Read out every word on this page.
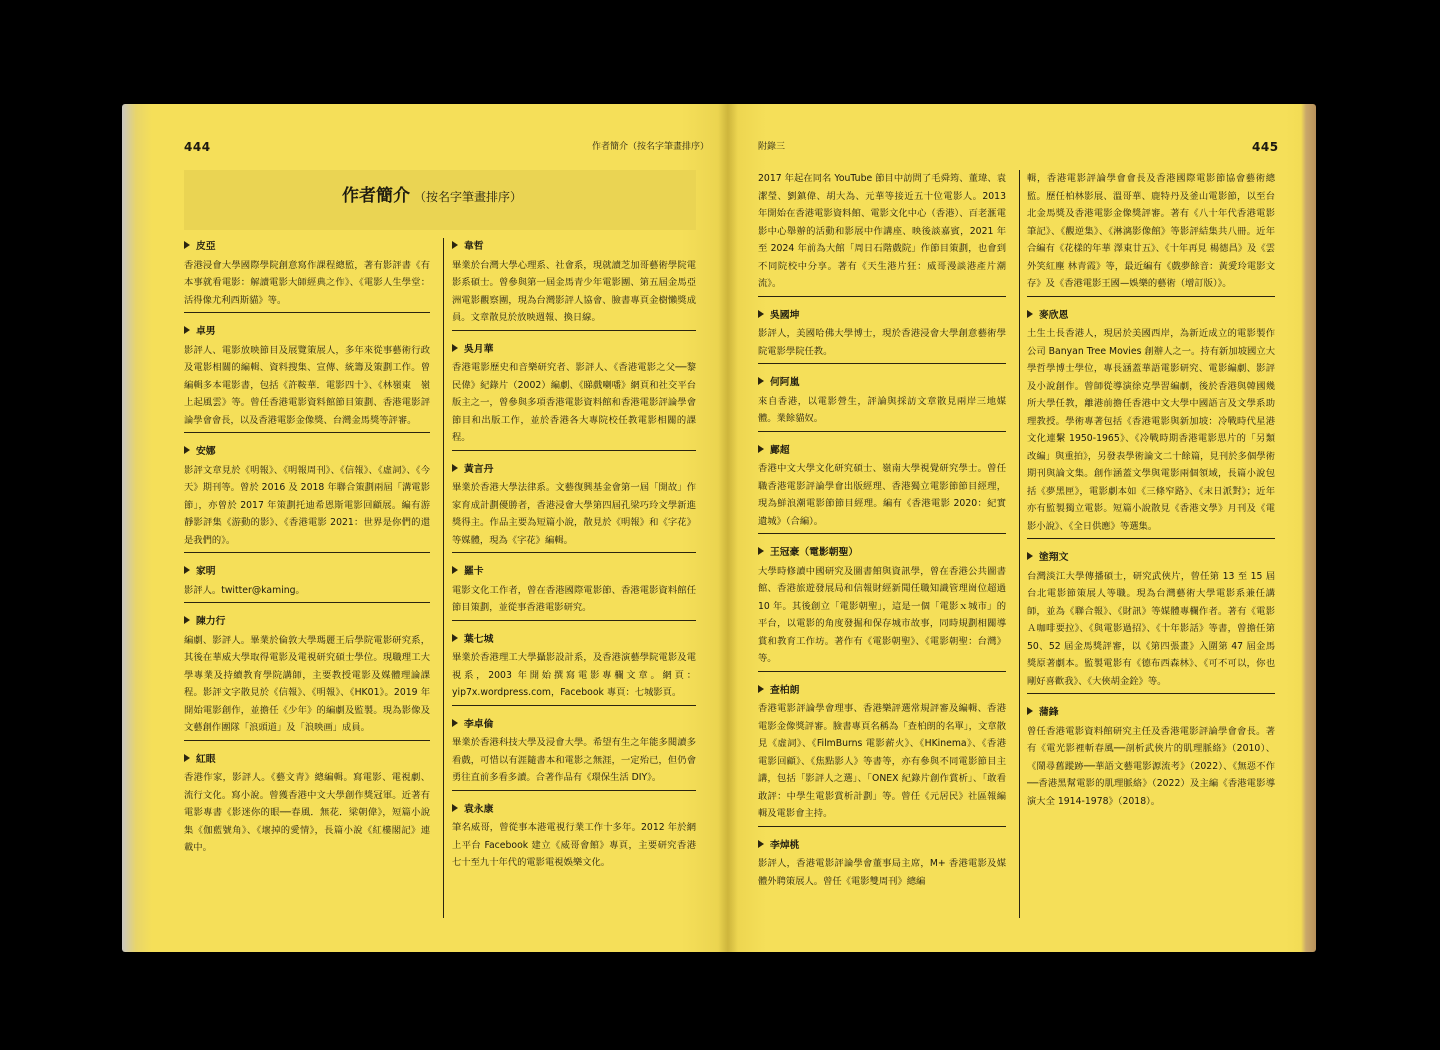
444	作者簡介（按名字筆畫排序）
作者簡介 （按名字筆畫排序）
皮亞
香港浸會大學國際學院創意寫作課程總監，著有影評書《有本事就看電影：解讀電影大師經典之作》、《電影人生學堂：活得像尤利西斯貓》等。
卓男
影評人、電影放映節目及展覽策展人，多年來從事藝術行政及電影相關的編輯、資料搜集、宣傳、統籌及策劃工作。曾編輯多本電影書，包括《許鞍華．電影四十》、《林嶺東　嶺上起風雲》等。曾任香港電影資料館節目策劃、香港電影評論學會會長，以及香港電影金像獎、台灣金馬獎等評審。
安娜
影評文章見於《明報》、《明報周刊》、《信報》、《虛詞》、《今天》期刊等。曾於 2016 及 2018 年聯合策劃兩屆「溝電影節」，亦曾於 2017 年策劃托迪希恩斯電影回顧展。編有游靜影評集《游動的影》、《香港電影 2021：世界是你們的還是我們的》。
家明
影評人。twitter@kaming。
陳力行
編劇、影評人。畢業於倫敦大學瑪麗王后學院電影研究系，其後在華威大學取得電影及電視研究碩士學位。現職理工大學專業及持續教育學院講師，主要教授電影及媒體理論課程。影評文字散見於《信報》、《明報》、《HK01》。2019 年開始電影創作，並擔任《少年》的編劇及監製。現為影像及文藝創作團隊「浪頭道」及「浪映画」成員。
紅眼
香港作家，影評人。《藝文青》總編輯。寫電影、電視劇、流行文化。寫小說。曾獲香港中文大學創作獎冠軍。近著有電影專書《影迷你的眼──春風．無花．梁朝偉》，短篇小說集《伽藍號角》、《壞掉的愛情》，長篇小說《紅樓閣記》連載中。
韋哲
畢業於台灣大學心理系、社會系，現就讀芝加哥藝術學院電影系碩士。曾參與第一屆金馬青少年電影團、第五屆金馬亞洲電影觀察團，現為台灣影評人協會、臉書專頁金樹懶獎成員。文章散見於放映週報、換日線。
吳月華
香港電影歷史和音樂研究者、影評人、《香港電影之父──黎民偉》紀錄片（2002）編劇、《睇戲喇噃》網頁和社交平台版主之一，曾參與多項香港電影資料館和香港電影評論學會節目和出版工作，並於香港各大專院校任教電影相關的課程。
黃言丹
畢業於香港大學法律系。文藝復興基金會第一屆「開故」作家育成計劃優勝者，香港浸會大學第四屆孔梁巧玲文學新進獎得主。作品主要為短篇小說，散見於《明報》和《字花》等媒體，現為《字花》編輯。
羅卡
電影文化工作者，曾在香港國際電影節、香港電影資料館任節目策劃，並從事香港電影研究。
葉七城
畢業於香港理工大學攝影設計系，及香港演藝學院電影及電視系，2003 年開始撰寫電影專欄文章。網頁：yip7x.wordpress.com，Facebook 專頁：七城影頁。
李卓倫
畢業於香港科技大學及浸會大學。希望有生之年能多閱讀多看戲，可惜以有涯隨書本和電影之無涯，一定殆已，但仍會勇往直前多看多讀。合著作品有《環保生活 DIY》。
袁永康
筆名威哥，曾從事本港電視行業工作十多年。2012 年於網上平台 Facebook 建立《威哥會館》專頁，主要研究香港七十至九十年代的電影電視娛樂文化。
附錄三	445
2017 年起在同名 YouTube 節目中訪問了毛舜筠、董瑋、袁潔瑩、劉鎮偉、胡大為、元華等接近五十位電影人。2013 年開始在香港電影資料館、電影文化中心（香港）、百老滙電影中心舉辦的活動和影展中作講座、映後談嘉賓，2021 年至 2024 年前為大館「周日石階戲院」作節目策劃，也會到不同院校中分享。著有《天生港片狂：威哥漫談港產片潮流》。
吳國坤
影評人，美國哈佛大學博士，現於香港浸會大學創意藝術學院電影學院任教。
何阿嵐
來自香港，以電影營生，評論與採訪文章散見兩岸三地媒體。業餘貓奴。
鄺超
香港中文大學文化研究碩士、嶺南大學視覺研究學士。曾任職香港電影評論學會出版經理、香港獨立電影節節目經理，現為鮮浪潮電影節節目經理。編有《香港電影 2020：紀實遺城》（合編）。
王冠豪（電影朝聖）
大學時修讀中國研究及圖書館與資訊學，曾在香港公共圖書館、香港旅遊發展局和信報財經新聞任職知識管理崗位超過 10 年。其後創立「電影朝聖」，這是一個「電影ｘ城市」的平台，以電影的角度發掘和保存城市故事，同時規劃相關導賞和教育工作坊。著作有《電影朝聖》、《電影朝聖：台灣》等。
查柏朗
香港電影評論學會理事、香港樂評選常規評審及編輯、香港電影金像獎評審。臉書專頁名稱為「查柏朗的名單」，文章散見《虛詞》、《FilmBurns 電影薪火》、《HKinema》、《香港電影回顧》、《焦點影人》等書等，亦有參與不同電影節目主講，包括「影評人之選」、「ONEX 紀錄片創作賞析」、「敢看敢評：中學生電影賞析計劃」等。曾任《元居民》社區報編輯及電影會主持。
李焯桃
影評人，香港電影評論學會董事局主席，M+ 香港電影及媒體外聘策展人。曾任《電影雙周刊》總編
輯，香港電影評論學會會長及香港國際電影節協會藝術總監。歷任柏林影展、溫哥華、鹿特丹及釜山電影節，以至台北金馬獎及香港電影金像獎評審。著有《八十年代香港電影筆記》、《觀逆集》、《淋漓影像館》等影評結集共八冊。近年合編有《花樣的年華 澤東廿五》、《十年再見 楊德昌》及《雲外笑紅塵 林青霞》等，最近編有《戲夢餘音：黃愛玲電影文存》及《香港電影王國—娛樂的藝術（增訂版）》。
麥欣恩
土生土長香港人，現居於美國西岸，為新近成立的電影製作公司 Banyan Tree Movies 創辦人之一。持有新加坡國立大學哲學博士學位，專長涵蓋華語電影研究、電影編劇、影評及小說創作。曾師從導演徐克學習編劇，後於香港與韓國幾所大學任教，離港前擔任香港中文大學中國語言及文學系助理教授。學術專著包括《香港電影與新加坡：冷戰時代星港文化連繫 1950-1965》、《冷戰時期香港電影思片的「另類改編」與重拍》，另發表學術論文二十餘篇，見刊於多個學術期刊與論文集。創作涵蓋文學與電影兩個領域，長篇小說包括《夢黑匣》，電影劇本如《三條窄路》、《末日派對》；近年亦有監製獨立電影。短篇小說散見《香港文學》月刊及《電影小說》、《全日供應》等選集。
塗翔文
台灣淡江大學傳播碩士，研究武俠片，曾任第 13 至 15 屆台北電影節策展人等職。現為台灣藝術大學電影系兼任講師，並為《聯合報》、《財訊》等媒體專欄作者。著有《電影Ａ咖啡要拉》、《與電影過招》、《十年影話》等書，曾擔任第 50、52 屆金馬獎評審，以《第四張畫》入圍第 47 屆金馬獎原著劇本。監製電影有《德布西森林》、《可不可以，你也剛好喜歡我》、《大俠胡金銓》等。
蒲鋒
曾任香港電影資料館研究主任及香港電影評論學會會長。著有《電光影裡斬春風──剖析武俠片的肌理脈絡》（2010）、《鬧尋舊蹤跡──華語文藝電影源流考》（2022）、《無惡不作──香港黑幫電影的肌理脈絡》（2022）及主編《香港電影導演大全 1914-1978》（2018）。
